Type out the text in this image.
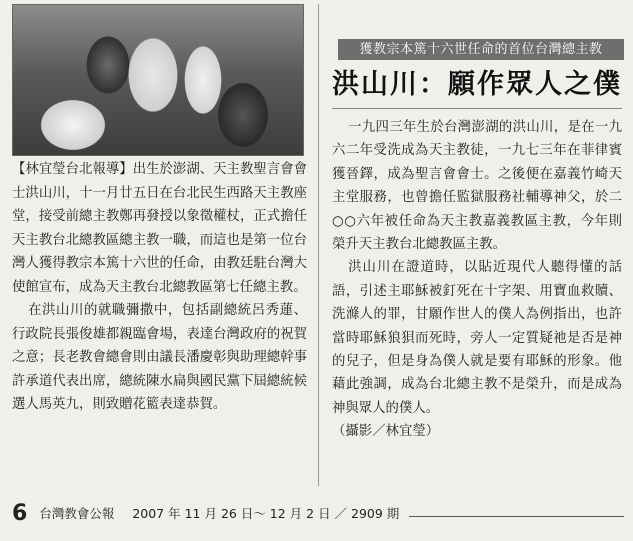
【林宜瑩台北報導】出生於澎湖、天主教聖言會會士洪山川，十一月廿五日在台北民生西路天主教座堂，接受前總主教鄭再發授以象徵權杖，正式擔任天主教台北總教區總主教一職，而這也是第一位台灣人獲得教宗本篤十六世的任命，由教廷駐台灣大使館宣布，成為天主教台北總教區第七任總主教。

在洪山川的就職彌撒中，包括副總統呂秀蓮、行政院長張俊雄都親臨會場，表達台灣政府的祝賀之意；長老教會總會則由議長潘慶彰與助理總幹事許承道代表出席，總統陳水扁與國民黨下屆總統候選人馬英九，則致贈花籃表達恭賀。

獲教宗本篤十六世任命的首位台灣總主教
洪山川：願作眾人之僕

一九四三年生於台灣澎湖的洪山川，是在一九六二年受洗成為天主教徒，一九七三年在菲律賓獲晉鐸，成為聖言會會士。之後便在嘉義竹崎天主堂服務，也曾擔任監獄服務社輔導神父，於二○○六年被任命為天主教嘉義教區主教，今年則榮升天主教台北總教區主教。

洪山川在證道時，以貼近現代人聽得懂的話語，引述主耶穌被釘死在十字架、用寶血救贖、洗滌人的罪，甘願作世人的僕人為例指出，也許當時耶穌狼狽而死時，旁人一定質疑祂是否是神的兒子，但是身為僕人就是要有耶穌的形象。他藉此強調，成為台北總主教不是榮升，而是成為神與眾人的僕人。

（攝影／林宜瑩）

6 台灣教會公報 2007 年 11 月 26 日～ 12 月 2 日 ／ 2909 期
